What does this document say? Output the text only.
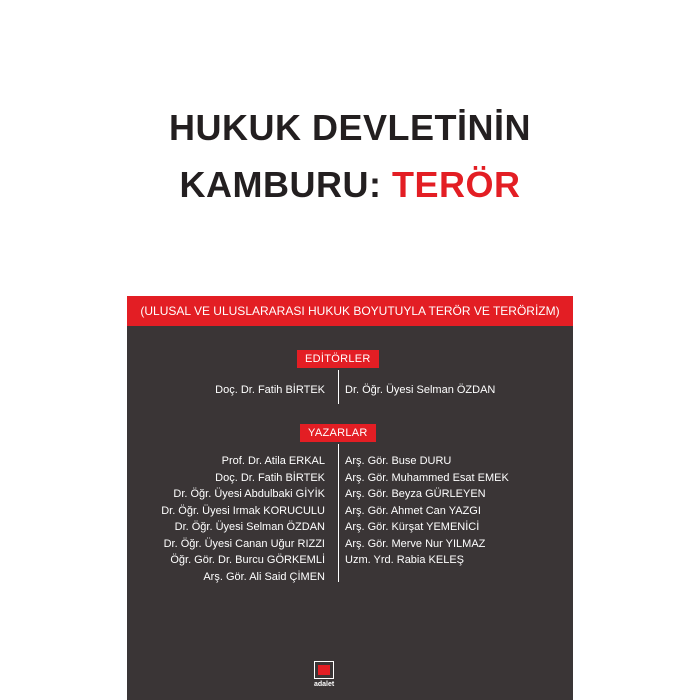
HUKUK DEVLETİNİN
KAMBURU: TERÖR
(ULUSAL VE ULUSLARARASI HUKUK BOYUTUYLA TERÖR VE TERÖRİZM)
EDİTÖRLER
Doç. Dr. Fatih BİRTEK Dr. Öğr. Üyesi Selman ÖZDAN
YAZARLAR
Prof. Dr. Atila ERKAL
Doç. Dr. Fatih BİRTEK
Dr. Öğr. Üyesi Abdulbaki GİYİK
Dr. Öğr. Üyesi Irmak KORUCULU
Dr. Öğr. Üyesi Selman ÖZDAN
Dr. Öğr. Üyesi Canan Uğur RIZZI
Öğr. Gör. Dr. Burcu GÖRKEMLİ
Arş. Gör. Ali Said ÇİMEN
Arş. Gör. Buse DURU
Arş. Gör. Muhammed Esat EMEK
Arş. Gör. Beyza GÜRLEYEN
Arş. Gör. Ahmet Can YAZGI
Arş. Gör. Kürşat YEMENİCİ
Arş. Gör. Merve Nur YILMAZ
Uzm. Yrd. Rabia KELEŞ
adalet
